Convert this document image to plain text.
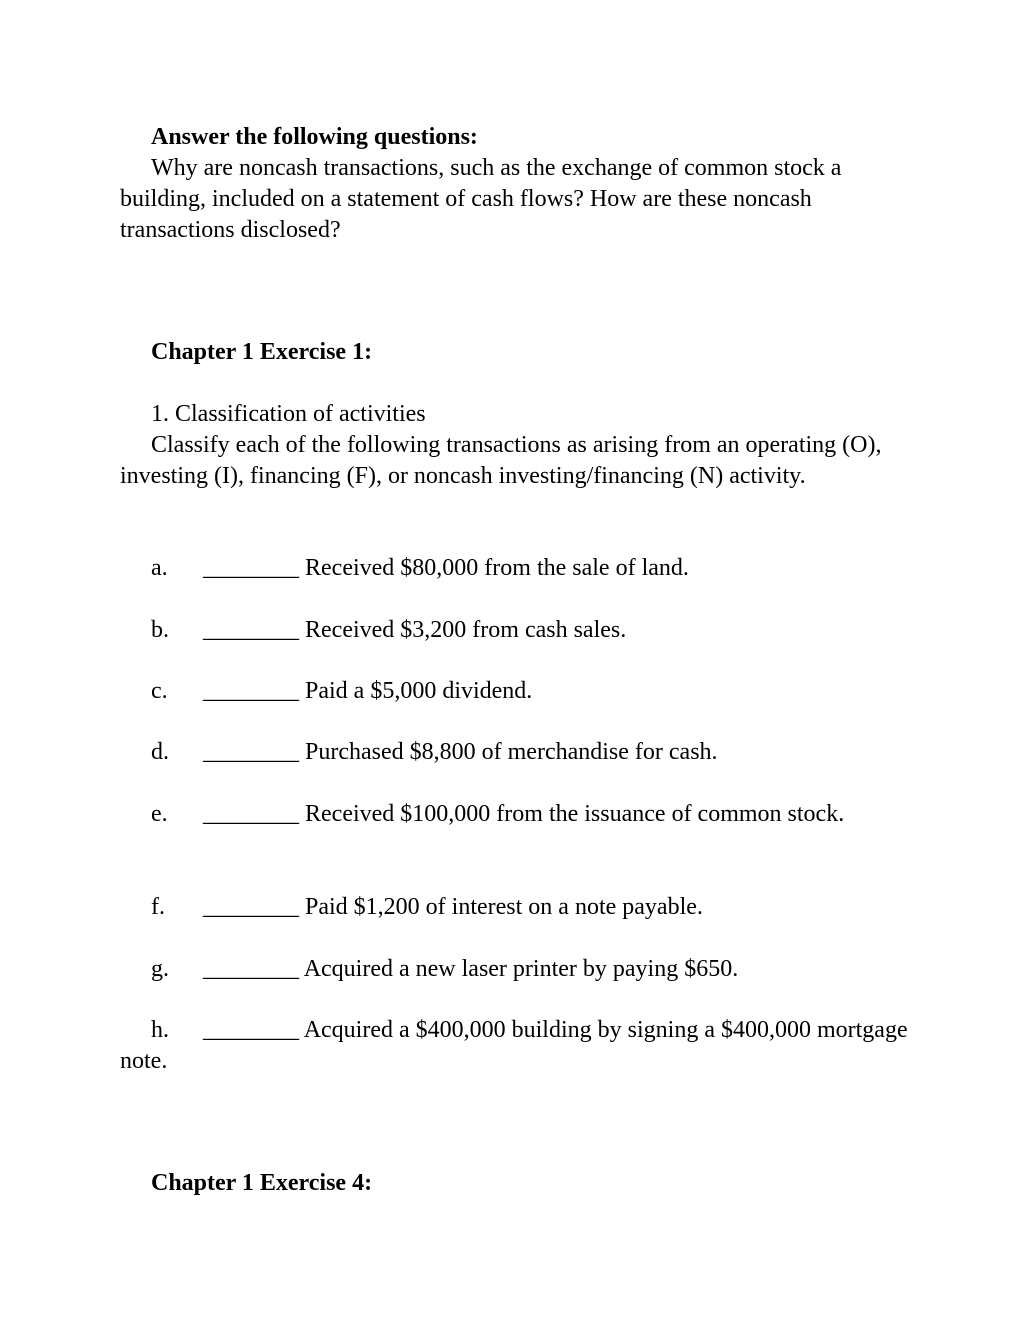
Answer the following questions:

Why are noncash transactions, such as the exchange of common stock a building, included on a statement of cash flows? How are these noncash transactions disclosed?

Chapter 1 Exercise 1:

1. Classification of activities

Classify each of the following transactions as arising from an operating (O), investing (I), financing (F), or noncash investing/financing (N) activity.

a. ________ Received $80,000 from the sale of land.
b. ________ Received $3,200 from cash sales.
c. ________ Paid a $5,000 dividend.
d. ________ Purchased $8,800 of merchandise for cash.
e. ________ Received $100,000 from the issuance of common stock.
f. ________ Paid $1,200 of interest on a note payable.
g. ________ Acquired a new laser printer by paying $650.
h. ________ Acquired a $400,000 building by signing a $400,000 mortgage note.
Chapter 1 Exercise 4:
